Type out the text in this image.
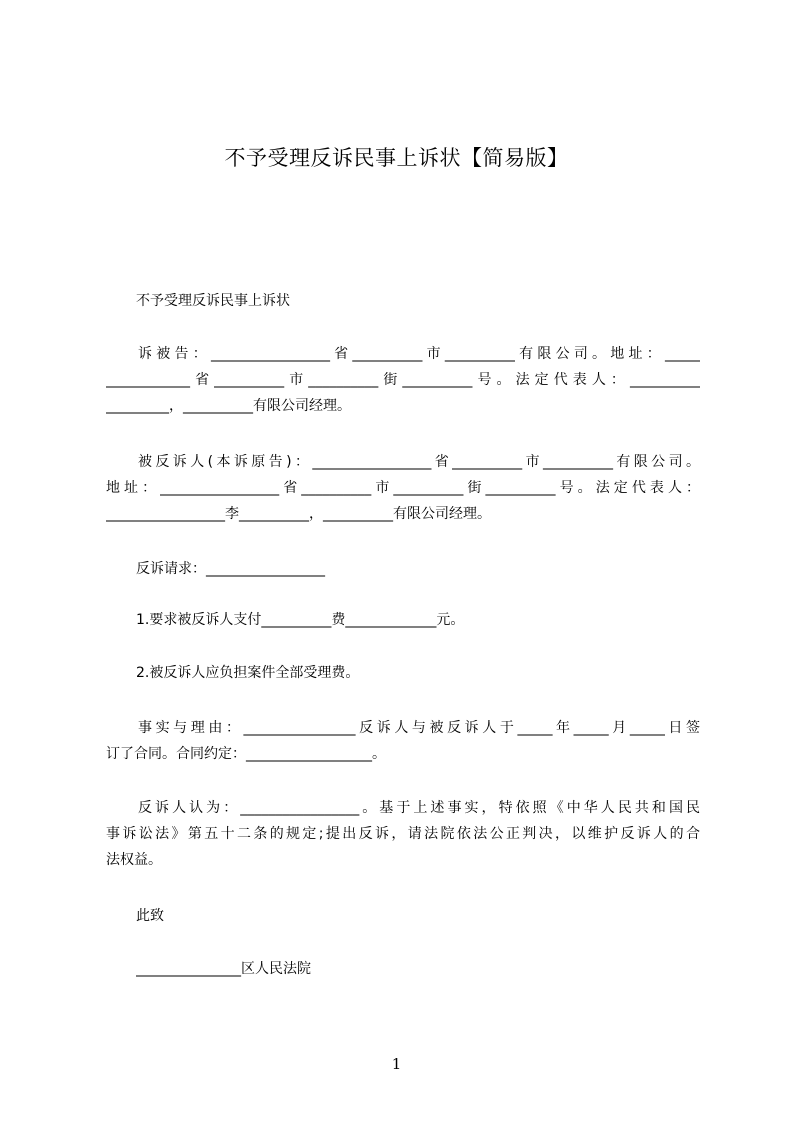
不予受理反诉民事上诉状【简易版】
不予受理反诉民事上诉状
诉被告：_________________省__________市__________有限公司。地址：_____
____________省__________市__________街__________号。法定代表人：__________
_________，__________有限公司经理。
被反诉人(本诉原告)：_________________省__________市__________有限公司。
地址：_________________省__________市__________街__________号。法定代表人：
_________________李__________，__________有限公司经理。
反诉请求：_________________
1.要求被反诉人支付__________费_____________元。
2.被反诉人应负担案件全部受理费。
事实与理由：________________反诉人与被反诉人于_____年_____月_____日签
订了合同。合同约定：__________________。
反诉人认为：_________________。基于上述事实，特依照《中华人民共和国民
事诉讼法》第五十二条的规定;提出反诉，请法院依法公正判决，以维护反诉人的合
法权益。
此致
_______________区人民法院
1
